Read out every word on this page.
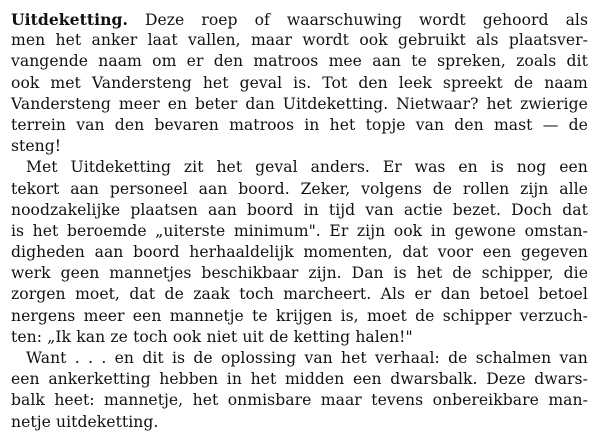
Uitdeketting. Deze roep of waarschuwing wordt gehoord als
men het anker laat vallen, maar wordt ook gebruikt als plaatsver-
vangende naam om er den matroos mee aan te spreken, zoals dit
ook met Vandersteng het geval is. Tot den leek spreekt de naam
Vandersteng meer en beter dan Uitdeketting. Nietwaar? het zwierige
terrein van den bevaren matroos in het topje van den mast — de
steng!
Met Uitdeketting zit het geval anders. Er was en is nog een
tekort aan personeel aan boord. Zeker, volgens de rollen zijn alle
noodzakelijke plaatsen aan boord in tijd van actie bezet. Doch dat
is het beroemde „uiterste minimum". Er zijn ook in gewone omstan-
digheden aan boord herhaaldelijk momenten, dat voor een gegeven
werk geen mannetjes beschikbaar zijn. Dan is het de schipper, die
zorgen moet, dat de zaak toch marcheert. Als er dan betoel betoel
nergens meer een mannetje te krijgen is, moet de schipper verzuch-
ten: „Ik kan ze toch ook niet uit de ketting halen!"
Want . . . en dit is de oplossing van het verhaal: de schalmen van
een ankerketting hebben in het midden een dwarsbalk. Deze dwars-
balk heet: mannetje, het onmisbare maar tevens onbereikbare man-
netje uitdeketting.
